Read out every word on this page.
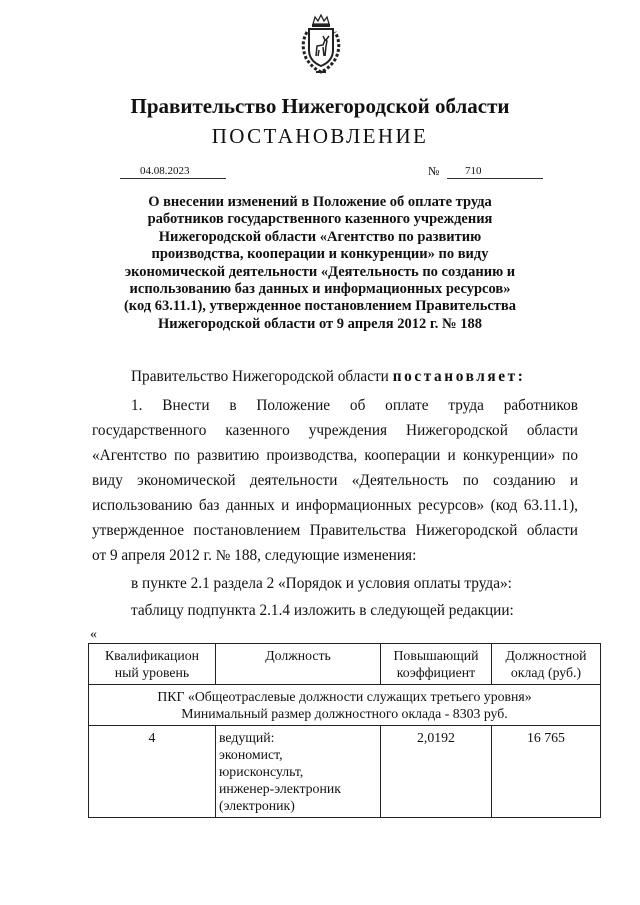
Правительство Нижегородской области
ПОСТАНОВЛЕНИЕ
04.08.2023	№	710
О внесении изменений в Положение об оплате труда
работников государственного казенного учреждения
Нижегородской области «Агентство по развитию
производства, кооперации и конкуренции» по виду
экономической деятельности «Деятельность по созданию и
использованию баз данных и информационных ресурсов»
(код 63.11.1), утвержденное постановлением Правительства
Нижегородской области от 9 апреля 2012 г. № 188
Правительство Нижегородской области постановляет:
1. Внести в Положение об оплате труда работников
государственного казенного учреждения Нижегородской области
«Агентство по развитию производства, кооперации и конкуренции» по
виду экономической деятельности «Деятельность по созданию и
использованию баз данных и информационных ресурсов» (код 63.11.1),
утвержденное постановлением Правительства Нижегородской области
от 9 апреля 2012 г. № 188, следующие изменения:
в пункте 2.1 раздела 2 «Порядок и условия оплаты труда»:
таблицу подпункта 2.1.4 изложить в следующей редакции:
«
Квалификацион ный уровень	Должность	Повышающий коэффициент	Должностной оклад (руб.)

ПКГ «Общеотраслевые должности служащих третьего уровня»
Минимальный размер должностного оклада - 8303 руб.			

4	ведущий:
экономист,
юрисконсульт,
инженер-электроник
(электроник)	2,0192	16 765
